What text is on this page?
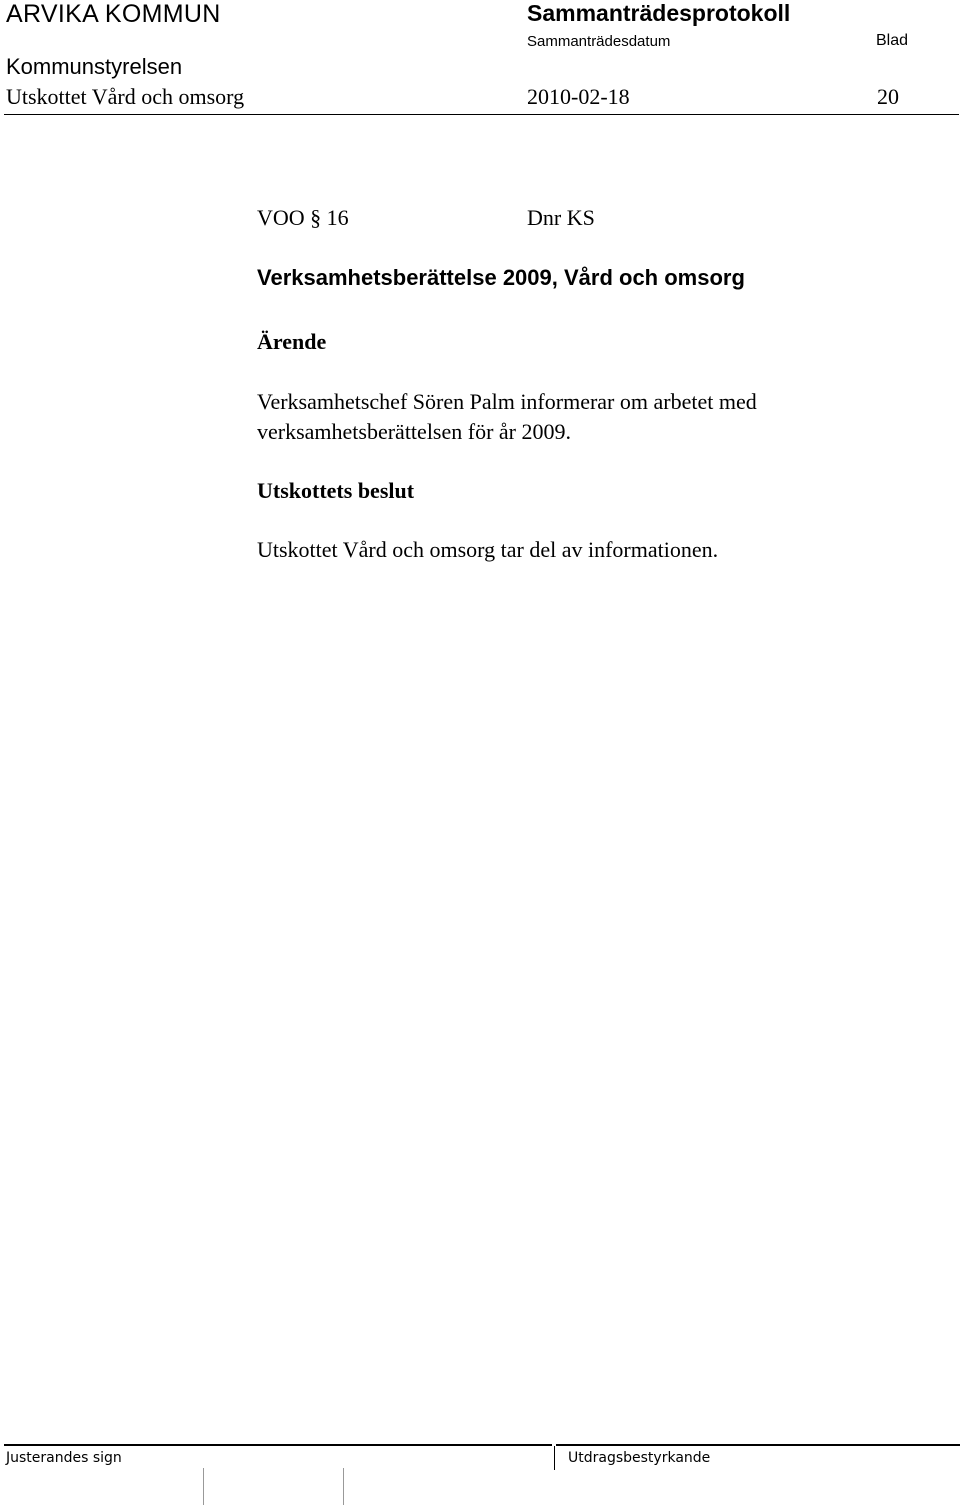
ARVIKA KOMMUN	Sammanträdesprotokoll
Sammanträdesdatum	Blad
Kommunstyrelsen
Utskottet Vård och omsorg	2010-02-18	20
VOO § 16	Dnr KS
Verksamhetsberättelse 2009, Vård och omsorg
Ärende
Verksamhetschef Sören Palm informerar om arbetet med
verksamhetsberättelsen för år 2009.
Utskottets beslut
Utskottet Vård och omsorg tar del av informationen.
Justerandes sign	Utdragsbestyrkande
